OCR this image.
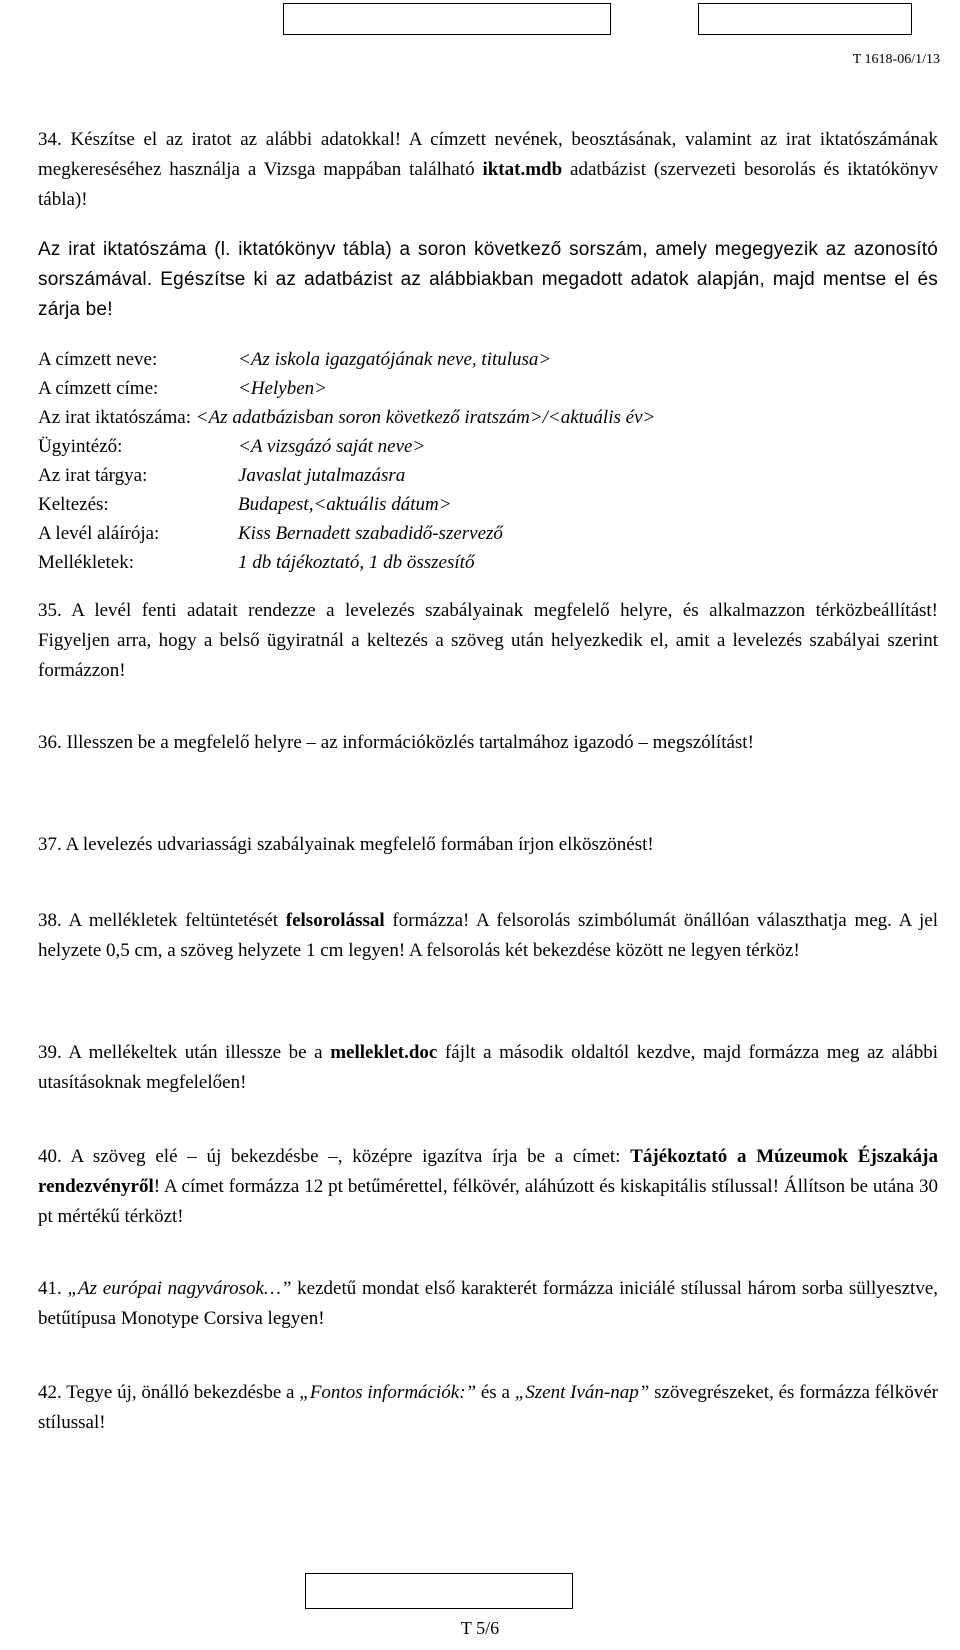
T 1618-06/1/13
34. Készítse el az iratot az alábbi adatokkal! A címzett nevének, beosztásának, valamint az irat iktatószámának megkereséséhez használja a Vizsga mappában található iktat.mdb adatbázist (szervezeti besorolás és iktatókönyv tábla)!
Az irat iktatószáma (l. iktatókönyv tábla) a soron következő sorszám, amely megegyezik az azonosító sorszámával. Egészítse ki az adatbázist az alábbiakban megadott adatok alapján, majd mentse el és zárja be!
A címzett neve:	<Az iskola igazgatójának neve, titulusa>
A címzett címe:	<Helyben>
Az irat iktatószáma: <Az adatbázisban soron következő iratszám>/<aktuális év>
Ügyintéző:	<A vizsgázó saját neve>
Az irat tárgya:	Javaslat jutalmazásra
Keltezés:	Budapest,<aktuális dátum>
A levél aláírója:	Kiss Bernadett szabadidő-szervező
Mellékletek:	1 db tájékoztató, 1 db összesítő
35. A levél fenti adatait rendezze a levelezés szabályainak megfelelő helyre, és alkalmazzon térközbeállítást! Figyeljen arra, hogy a belső ügyiratnál a keltezés a szöveg után helyezkedik el, amit a levelezés szabályai szerint formázzon!
36. Illesszen be a megfelelő helyre – az információközlés tartalmához igazodó – megszólítást!
37. A levelezés udvariassági szabályainak megfelelő formában írjon elköszönést!
38. A mellékletek feltüntetését felsorolással formázza! A felsorolás szimbólumát önállóan választhatja meg. A jel helyzete 0,5 cm, a szöveg helyzete 1 cm legyen! A felsorolás két bekezdése között ne legyen térköz!
39. A mellékeltek után illessze be a melleklet.doc fájlt a második oldaltól kezdve, majd formázza meg az alábbi utasításoknak megfelelően!
40. A szöveg elé – új bekezdésbe –, középre igazítva írja be a címet: Tájékoztató a Múzeumok Éjszakája rendezvényről! A címet formázza 12 pt betűmérettel, félkövér, aláhúzott és kiskapitális stílussal! Állítson be utána 30 pt mértékű térközt!
41. „Az európai nagyvárosok…” kezdetű mondat első karakterét formázza iniciálé stílussal három sorba süllyesztve, betűtípusa Monotype Corsiva legyen!
42. Tegye új, önálló bekezdésbe a „Fontos információk:” és a „Szent Iván-nap” szövegrészeket, és formázza félkövér stílussal!
T 5/6
